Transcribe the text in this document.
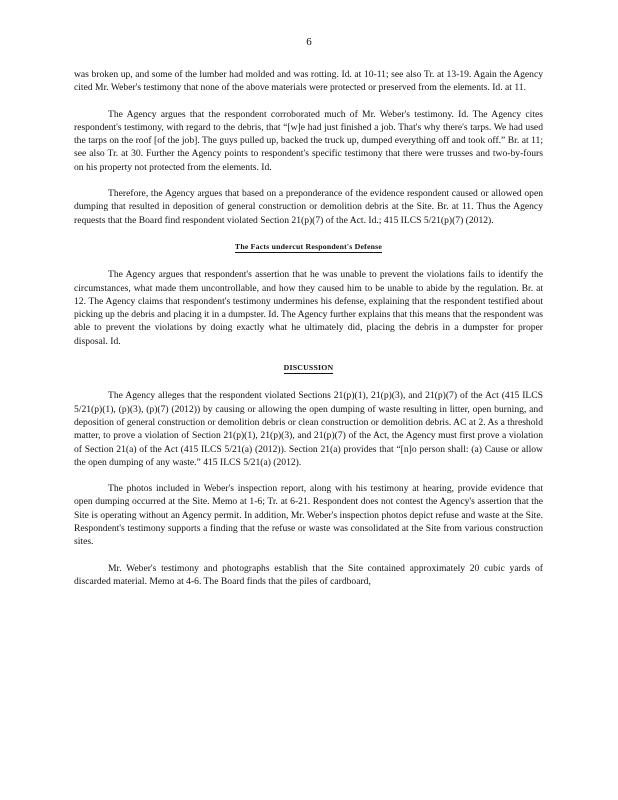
6

was broken up, and some of the lumber had molded and was rotting. Id. at 10-11; see also Tr. at 13-19. Again the Agency cited Mr. Weber's testimony that none of the above materials were protected or preserved from the elements. Id. at 11.

The Agency argues that the respondent corroborated much of Mr. Weber's testimony. Id. The Agency cites respondent's testimony, with regard to the debris, that “[w]e had just finished a job. That's why there's tarps. We had used the tarps on the roof [of the job]. The guys pulled up, backed the truck up, dumped everything off and took off.” Br. at 11; see also Tr. at 30. Further the Agency points to respondent's specific testimony that there were trusses and two-by-fours on his property not protected from the elements. Id.

Therefore, the Agency argues that based on a preponderance of the evidence respondent caused or allowed open dumping that resulted in deposition of general construction or demolition debris at the Site. Br. at 11. Thus the Agency requests that the Board find respondent violated Section 21(p)(7) of the Act. Id.; 415 ILCS 5/21(p)(7) (2012).

The Facts undercut Respondent's Defense

The Agency argues that respondent's assertion that he was unable to prevent the violations fails to identify the circumstances, what made them uncontrollable, and how they caused him to be unable to abide by the regulation. Br. at 12. The Agency claims that respondent's testimony undermines his defense, explaining that the respondent testified about picking up the debris and placing it in a dumpster. Id. The Agency further explains that this means that the respondent was able to prevent the violations by doing exactly what he ultimately did, placing the debris in a dumpster for proper disposal. Id.

DISCUSSION

The Agency alleges that the respondent violated Sections 21(p)(1), 21(p)(3), and 21(p)(7) of the Act (415 ILCS 5/21(p)(1), (p)(3), (p)(7) (2012)) by causing or allowing the open dumping of waste resulting in litter, open burning, and deposition of general construction or demolition debris or clean construction or demolition debris. AC at 2. As a threshold matter, to prove a violation of Section 21(p)(1), 21(p)(3), and 21(p)(7) of the Act, the Agency must first prove a violation of Section 21(a) of the Act (415 ILCS 5/21(a) (2012)). Section 21(a) provides that “[n]o person shall: (a) Cause or allow the open dumping of any waste.” 415 ILCS 5/21(a) (2012).

The photos included in Weber's inspection report, along with his testimony at hearing, provide evidence that open dumping occurred at the Site. Memo at 1-6; Tr. at 6-21. Respondent does not contest the Agency's assertion that the Site is operating without an Agency permit. In addition, Mr. Weber's inspection photos depict refuse and waste at the Site. Respondent's testimony supports a finding that the refuse or waste was consolidated at the Site from various construction sites.

Mr. Weber's testimony and photographs establish that the Site contained approximately 20 cubic yards of discarded material. Memo at 4-6. The Board finds that the piles of cardboard,
